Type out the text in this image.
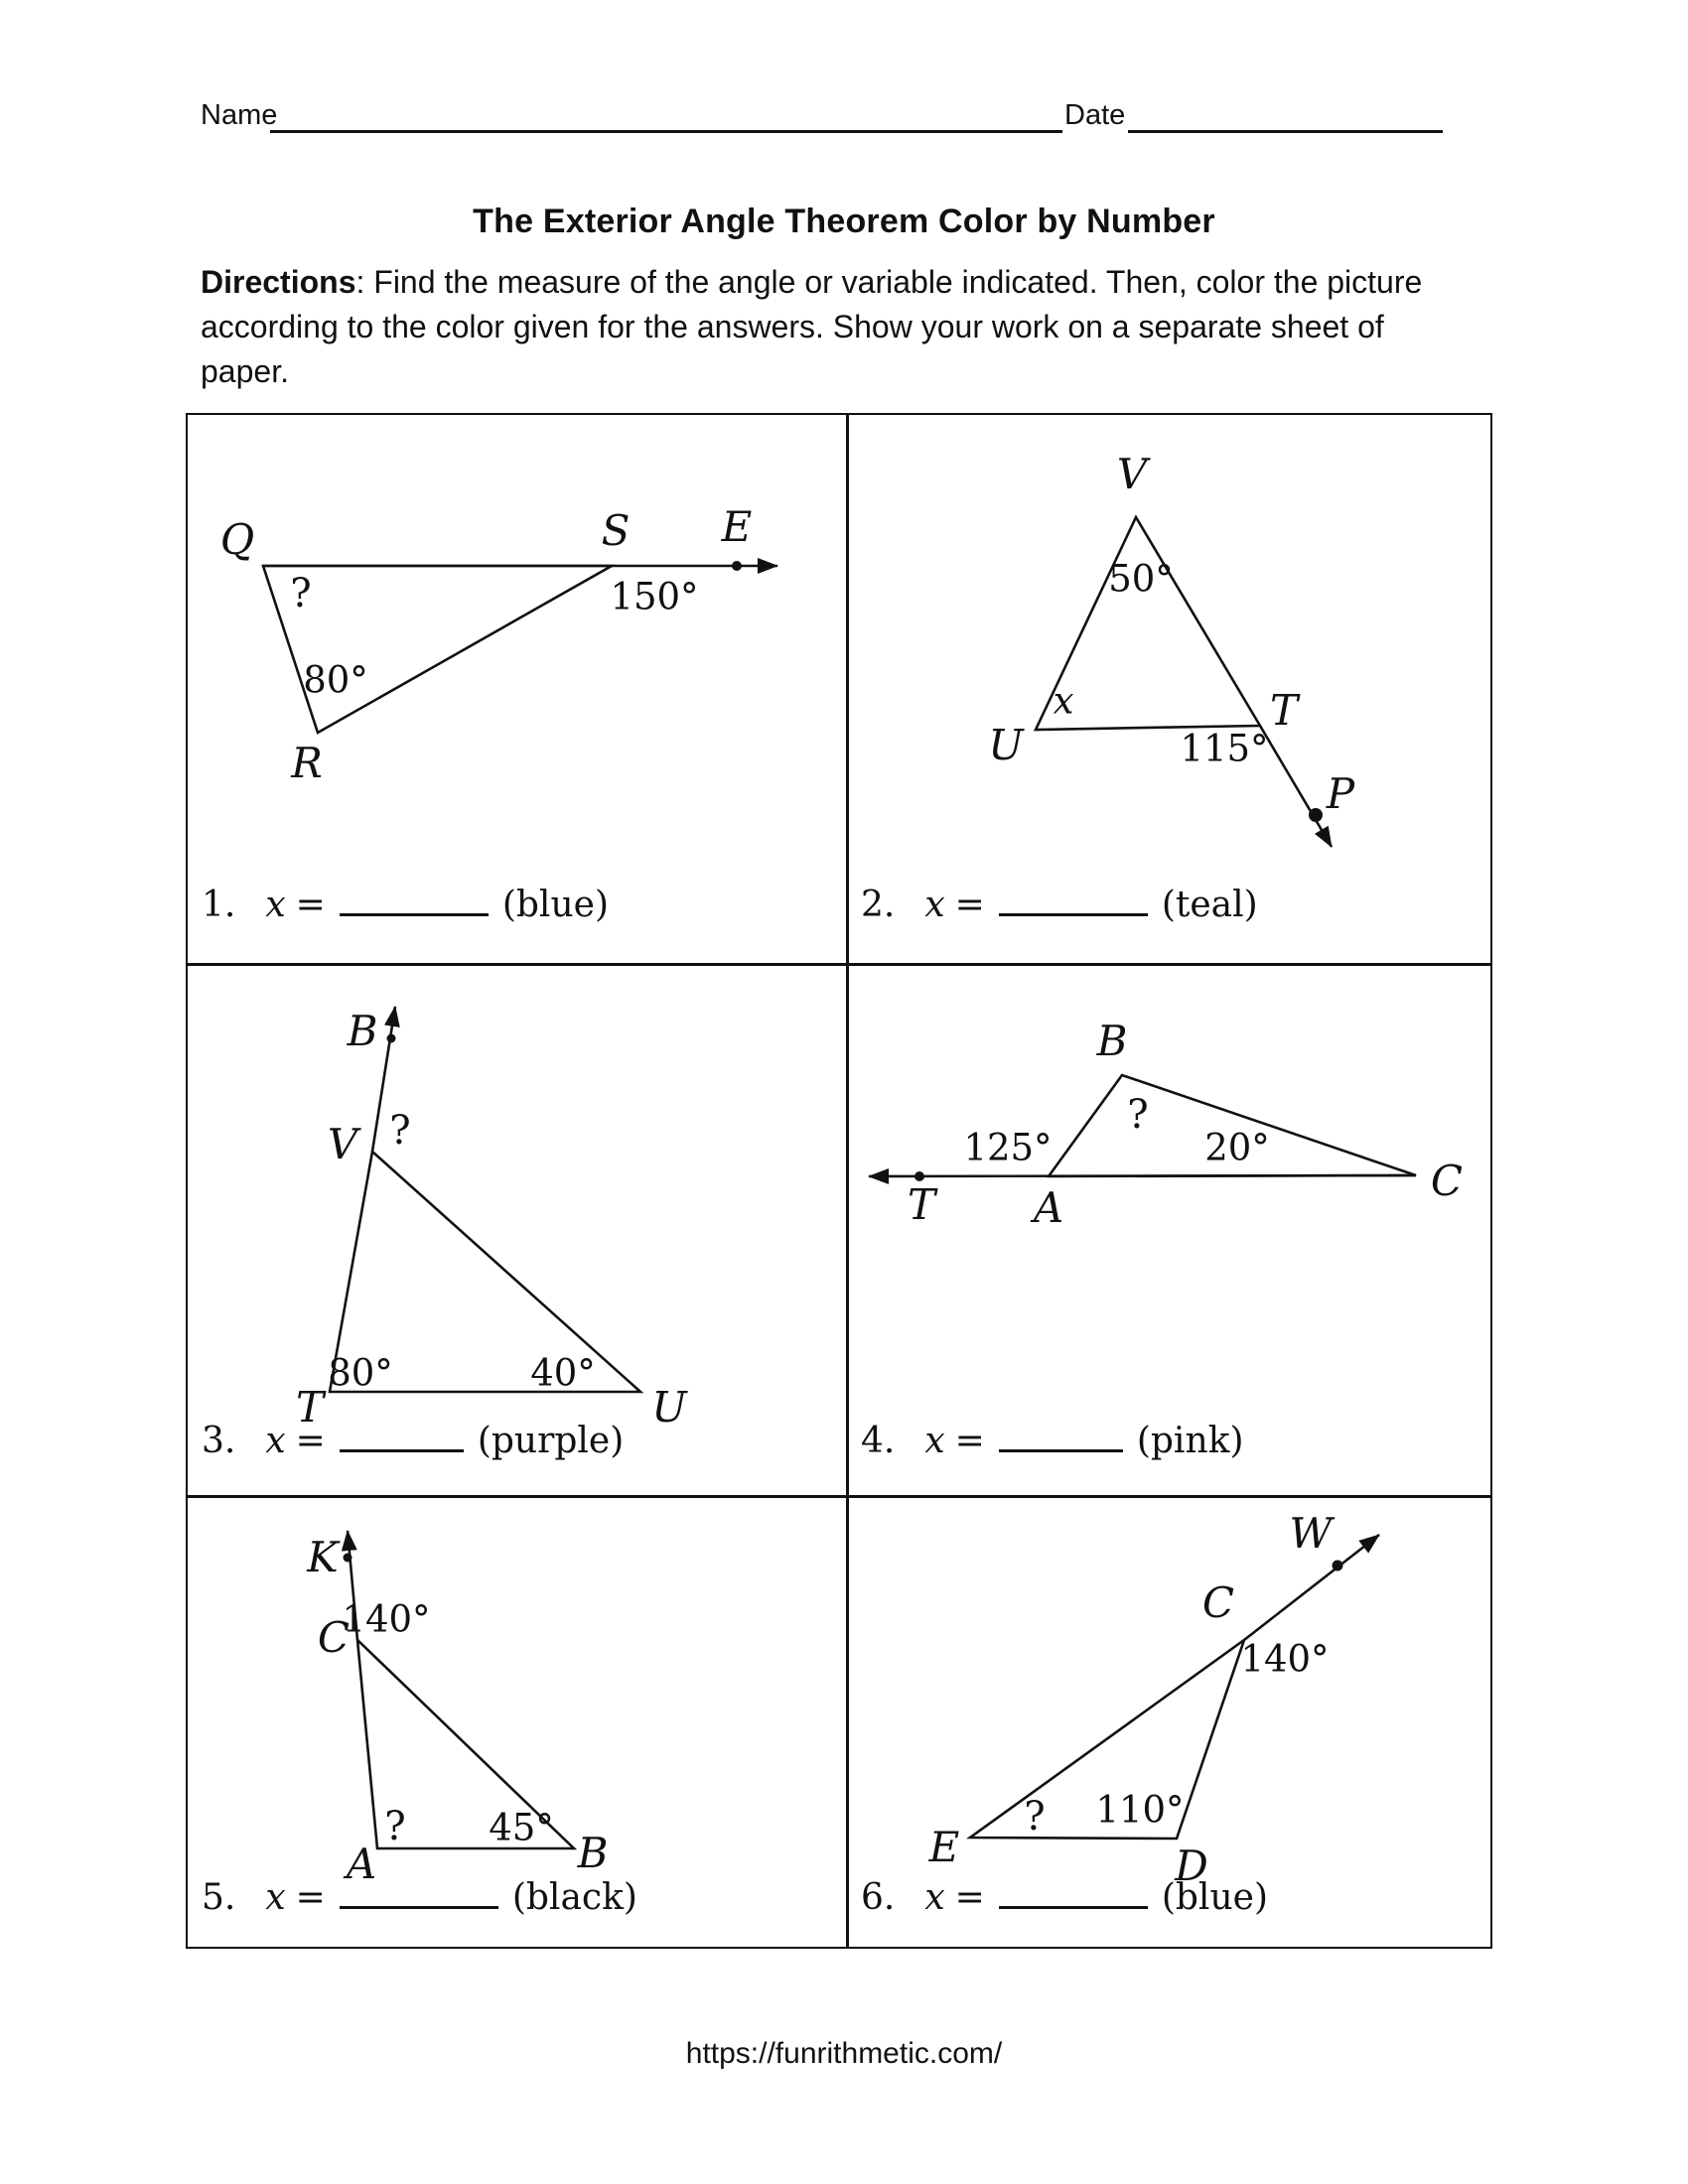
Name	Date
The Exterior Angle Theorem Color by Number
Directions: Find the measure of the angle or variable indicated. Then, color the picture
according to the color given for the answers. Show your work on a separate sheet of
paper.
Q	S E
R
?
80°
150°
1. x =	(blue)
V
U
T
P
50°
x
115°
2. x =	(teal)
B
V
T	U
?
80°	40°
3. x =	(purple)
B
T A
C
?
125°	20°
4. x =	(pink)
K
C
A	B
140°
? 45°
5. x =	(black)
W
C
E	D
140°
? 110°
6. x =	(blue)
https://funrithmetic.com/
